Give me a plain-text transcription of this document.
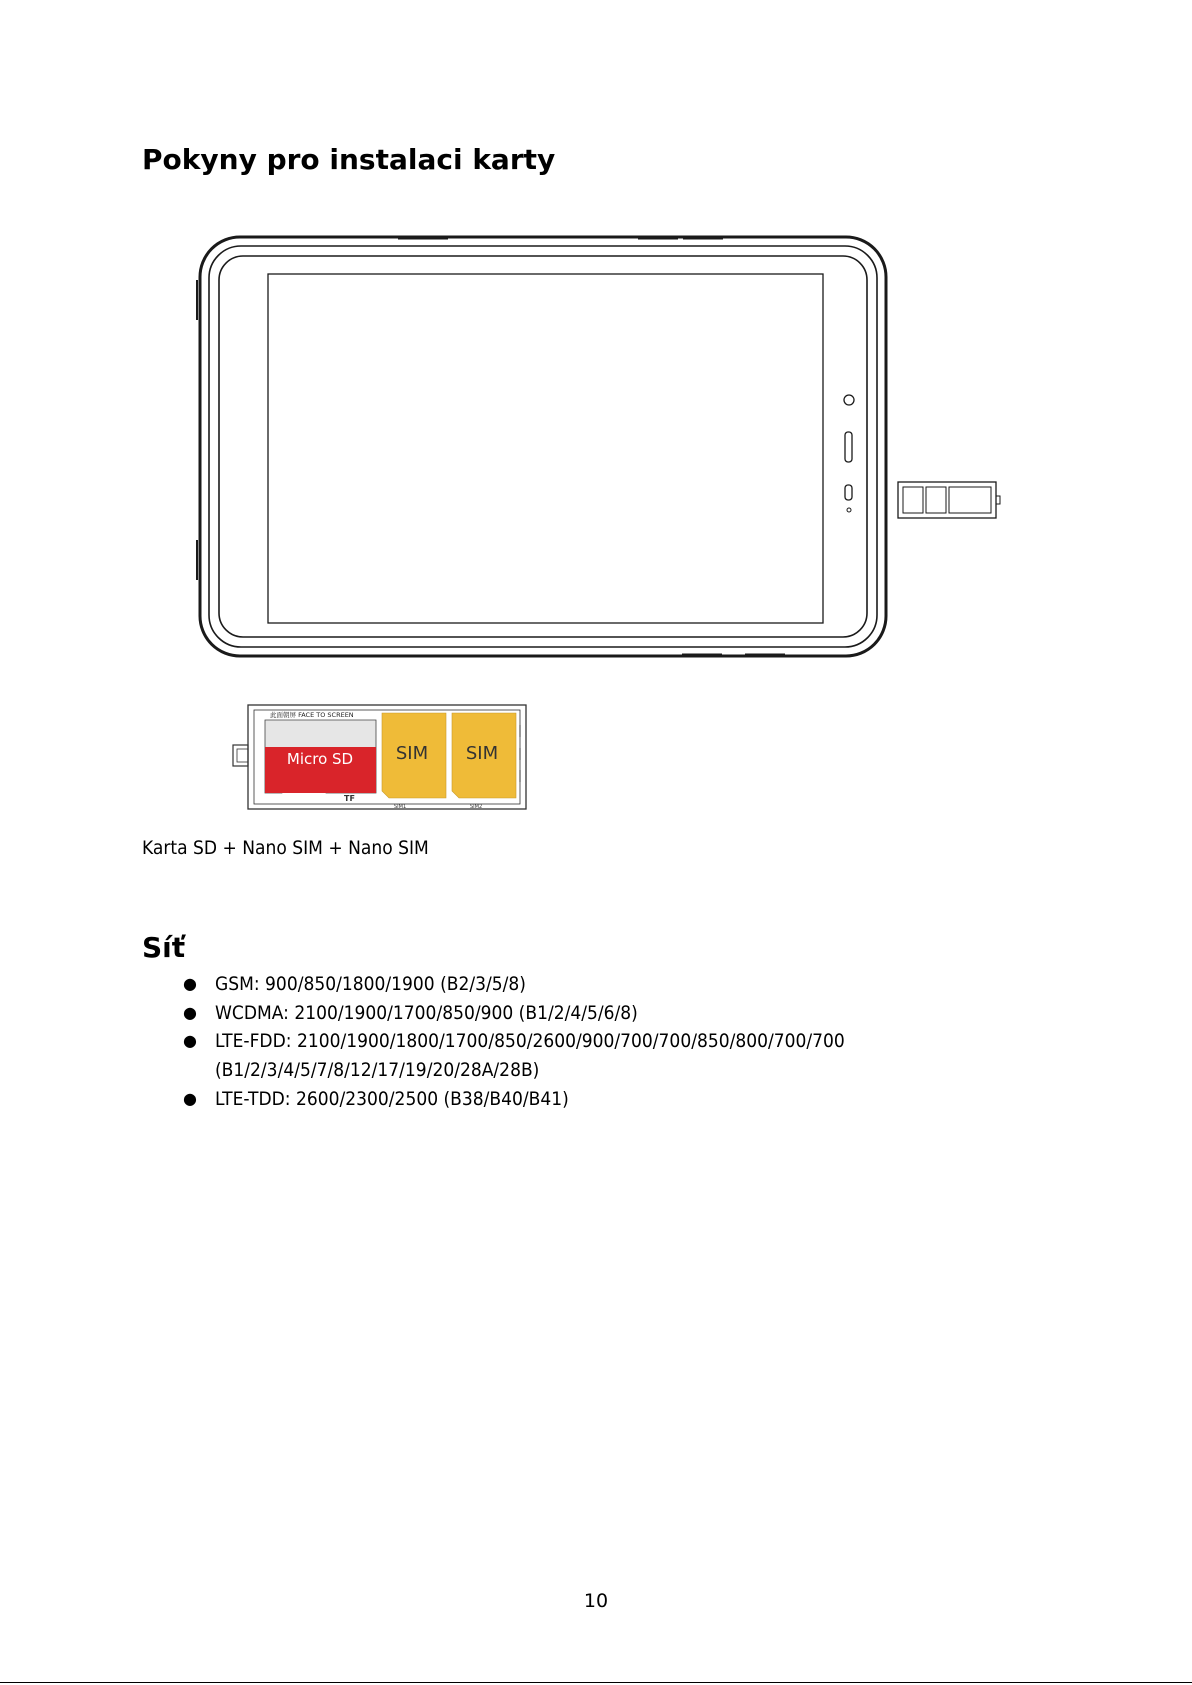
Pokyny pro instalaci karty
此面朝屏 FACE TO SCREEN
TF
SIM1	SIM2
Micro SD SIM SIM
Karta SD + Nano SIM + Nano SIM
Síť
● GSM: 900/850/1800/1900 (B2/3/5/8)
● WCDMA: 2100/1900/1700/850/900 (B1/2/4/5/6/8)
● LTE-FDD: 2100/1900/1800/1700/850/2600/900/700/700/850/800/700/700
(B1/2/3/4/5/7/8/12/17/19/20/28A/28B)
● LTE-TDD: 2600/2300/2500 (B38/B40/B41)
10
